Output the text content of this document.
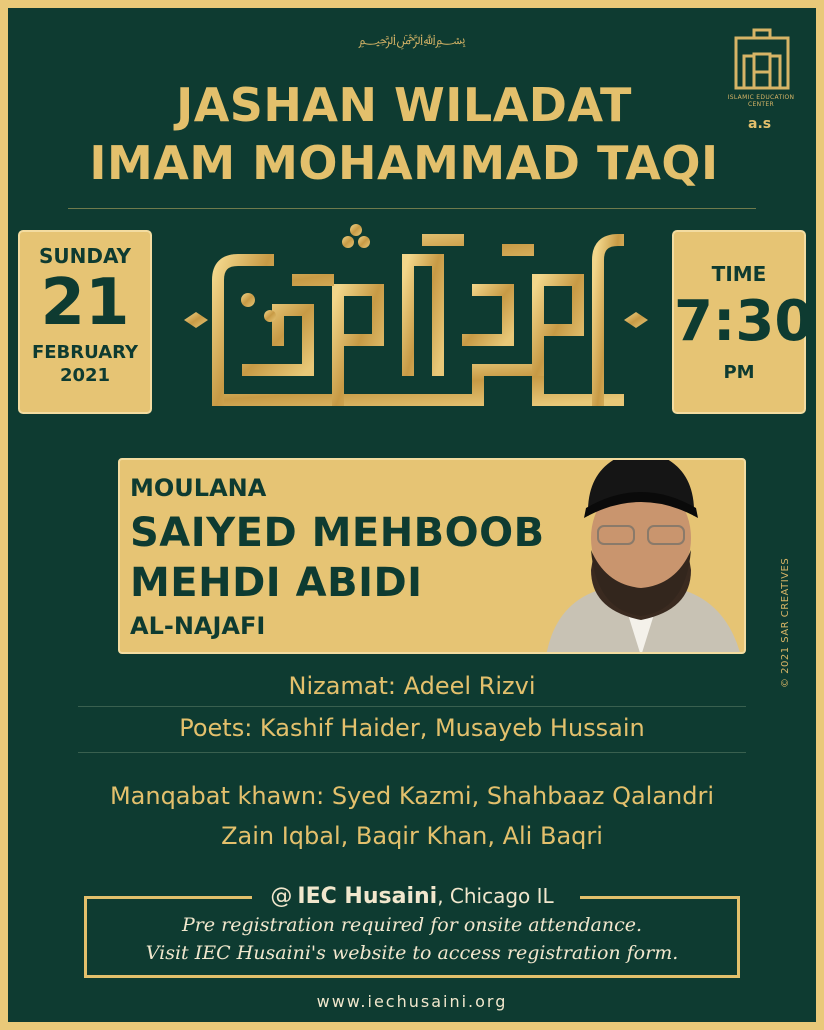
﷽
ISLAMIC EDUCATION CENTER
JASHAN WILADAT	a.s
IMAM MOHAMMAD TAQI
SUNDAY
21
FEBRUARY
2021
TIME
7:30
PM
MOULANA
SAIYED MEHBOOB
MEHDI ABIDI
AL-NAJAFI	© 2021 SAR CREATIVES
Nizamat: Adeel Rizvi
Poets: Kashif Haider, Musayeb Hussain
Manqabat khawn: Syed Kazmi, Shahbaaz Qalandri
Zain Iqbal, Baqir Khan, Ali Baqri
@ IEC Husaini, Chicago IL
Pre registration required for onsite attendance.
Visit IEC Husaini's website to access registration form.
www.iechusaini.org
